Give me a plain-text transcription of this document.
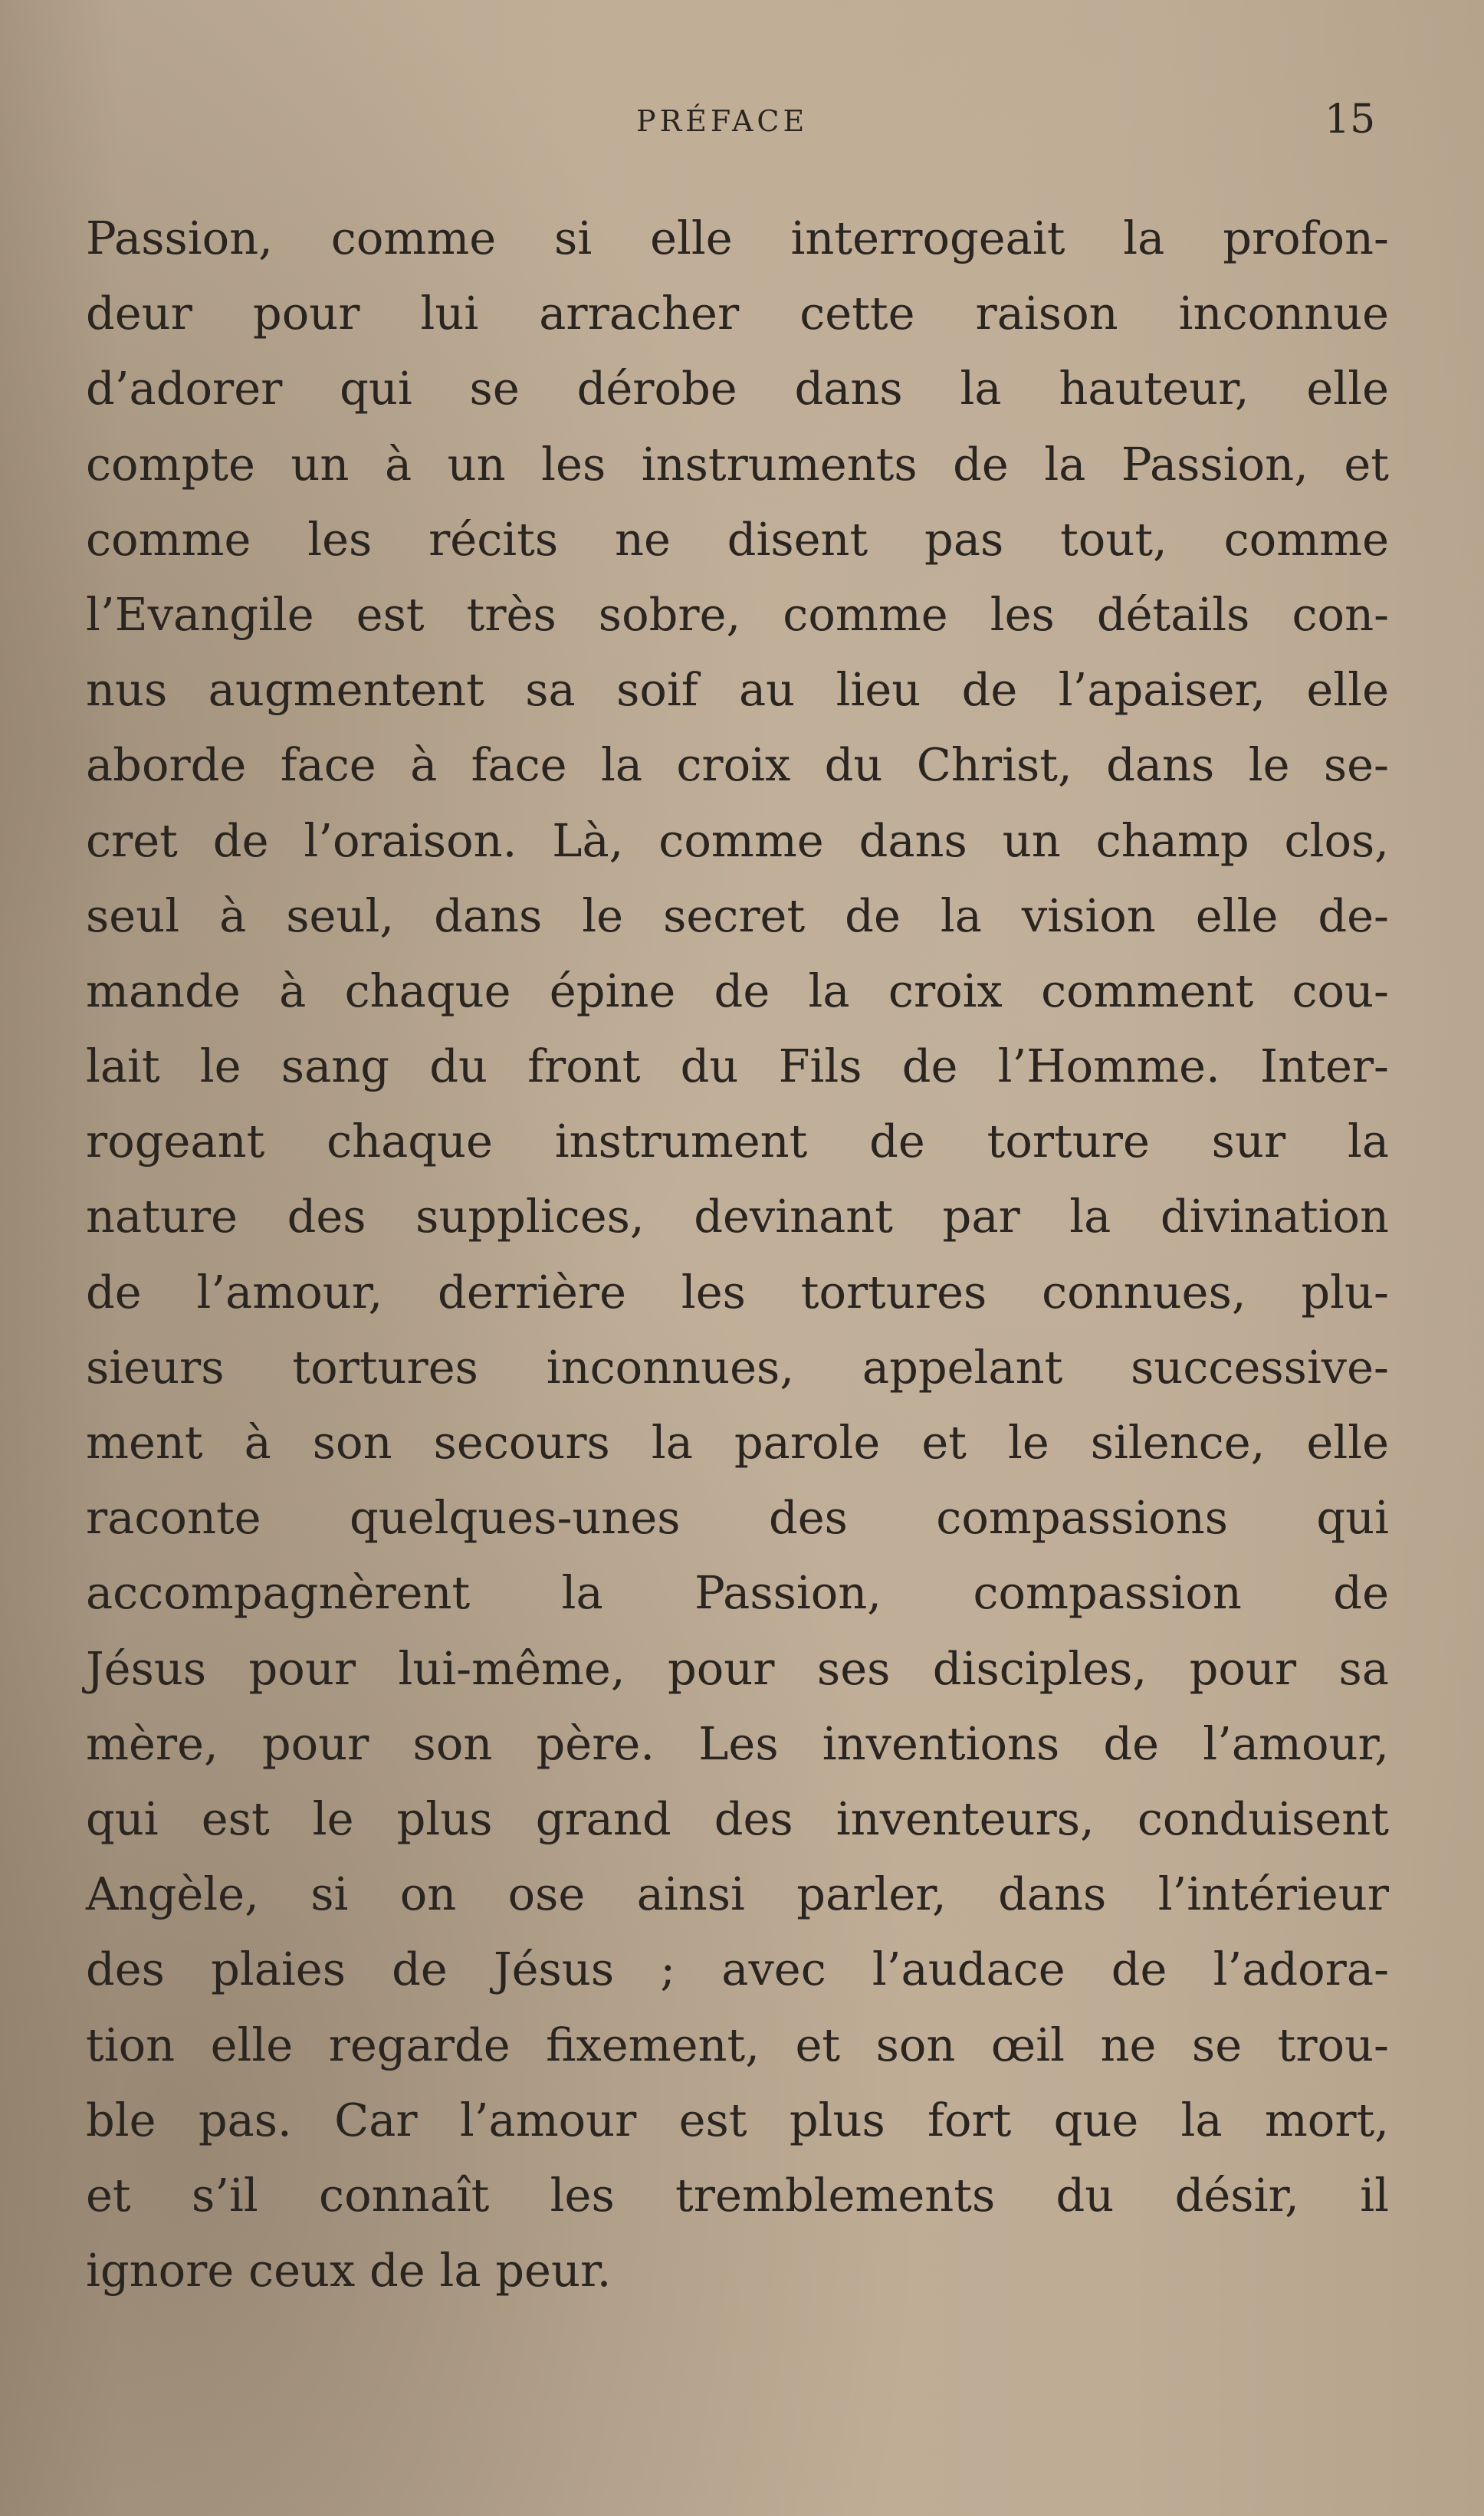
PRÉFACE	15
Passion, comme si elle interrogeait la profon-
deur pour lui arracher cette raison inconnue
d’adorer qui se dérobe dans la hauteur, elle
compte un à un les instruments de la Passion, et
comme les récits ne disent pas tout, comme
l’Evangile est très sobre, comme les détails con-
nus augmentent sa soif au lieu de l’apaiser, elle
aborde face à face la croix du Christ, dans le se-
cret de l’oraison. Là, comme dans un champ clos,
seul à seul, dans le secret de la vision elle de-
mande à chaque épine de la croix comment cou-
lait le sang du front du Fils de l’Homme. Inter-
rogeant chaque instrument de torture sur la
nature des supplices, devinant par la divination
de l’amour, derrière les tortures connues, plu-
sieurs tortures inconnues, appelant successive-
ment à son secours la parole et le silence, elle
raconte quelques-unes des compassions qui
accompagnèrent la Passion, compassion de
Jésus pour lui-même, pour ses disciples, pour sa
mère, pour son père. Les inventions de l’amour,
qui est le plus grand des inventeurs, conduisent
Angèle, si on ose ainsi parler, dans l’intérieur
des plaies de Jésus ; avec l’audace de l’adora-
tion elle regarde fixement, et son œil ne se trou-
ble pas. Car l’amour est plus fort que la mort,
et s’il connaît les tremblements du désir, il
ignore ceux de la peur.
